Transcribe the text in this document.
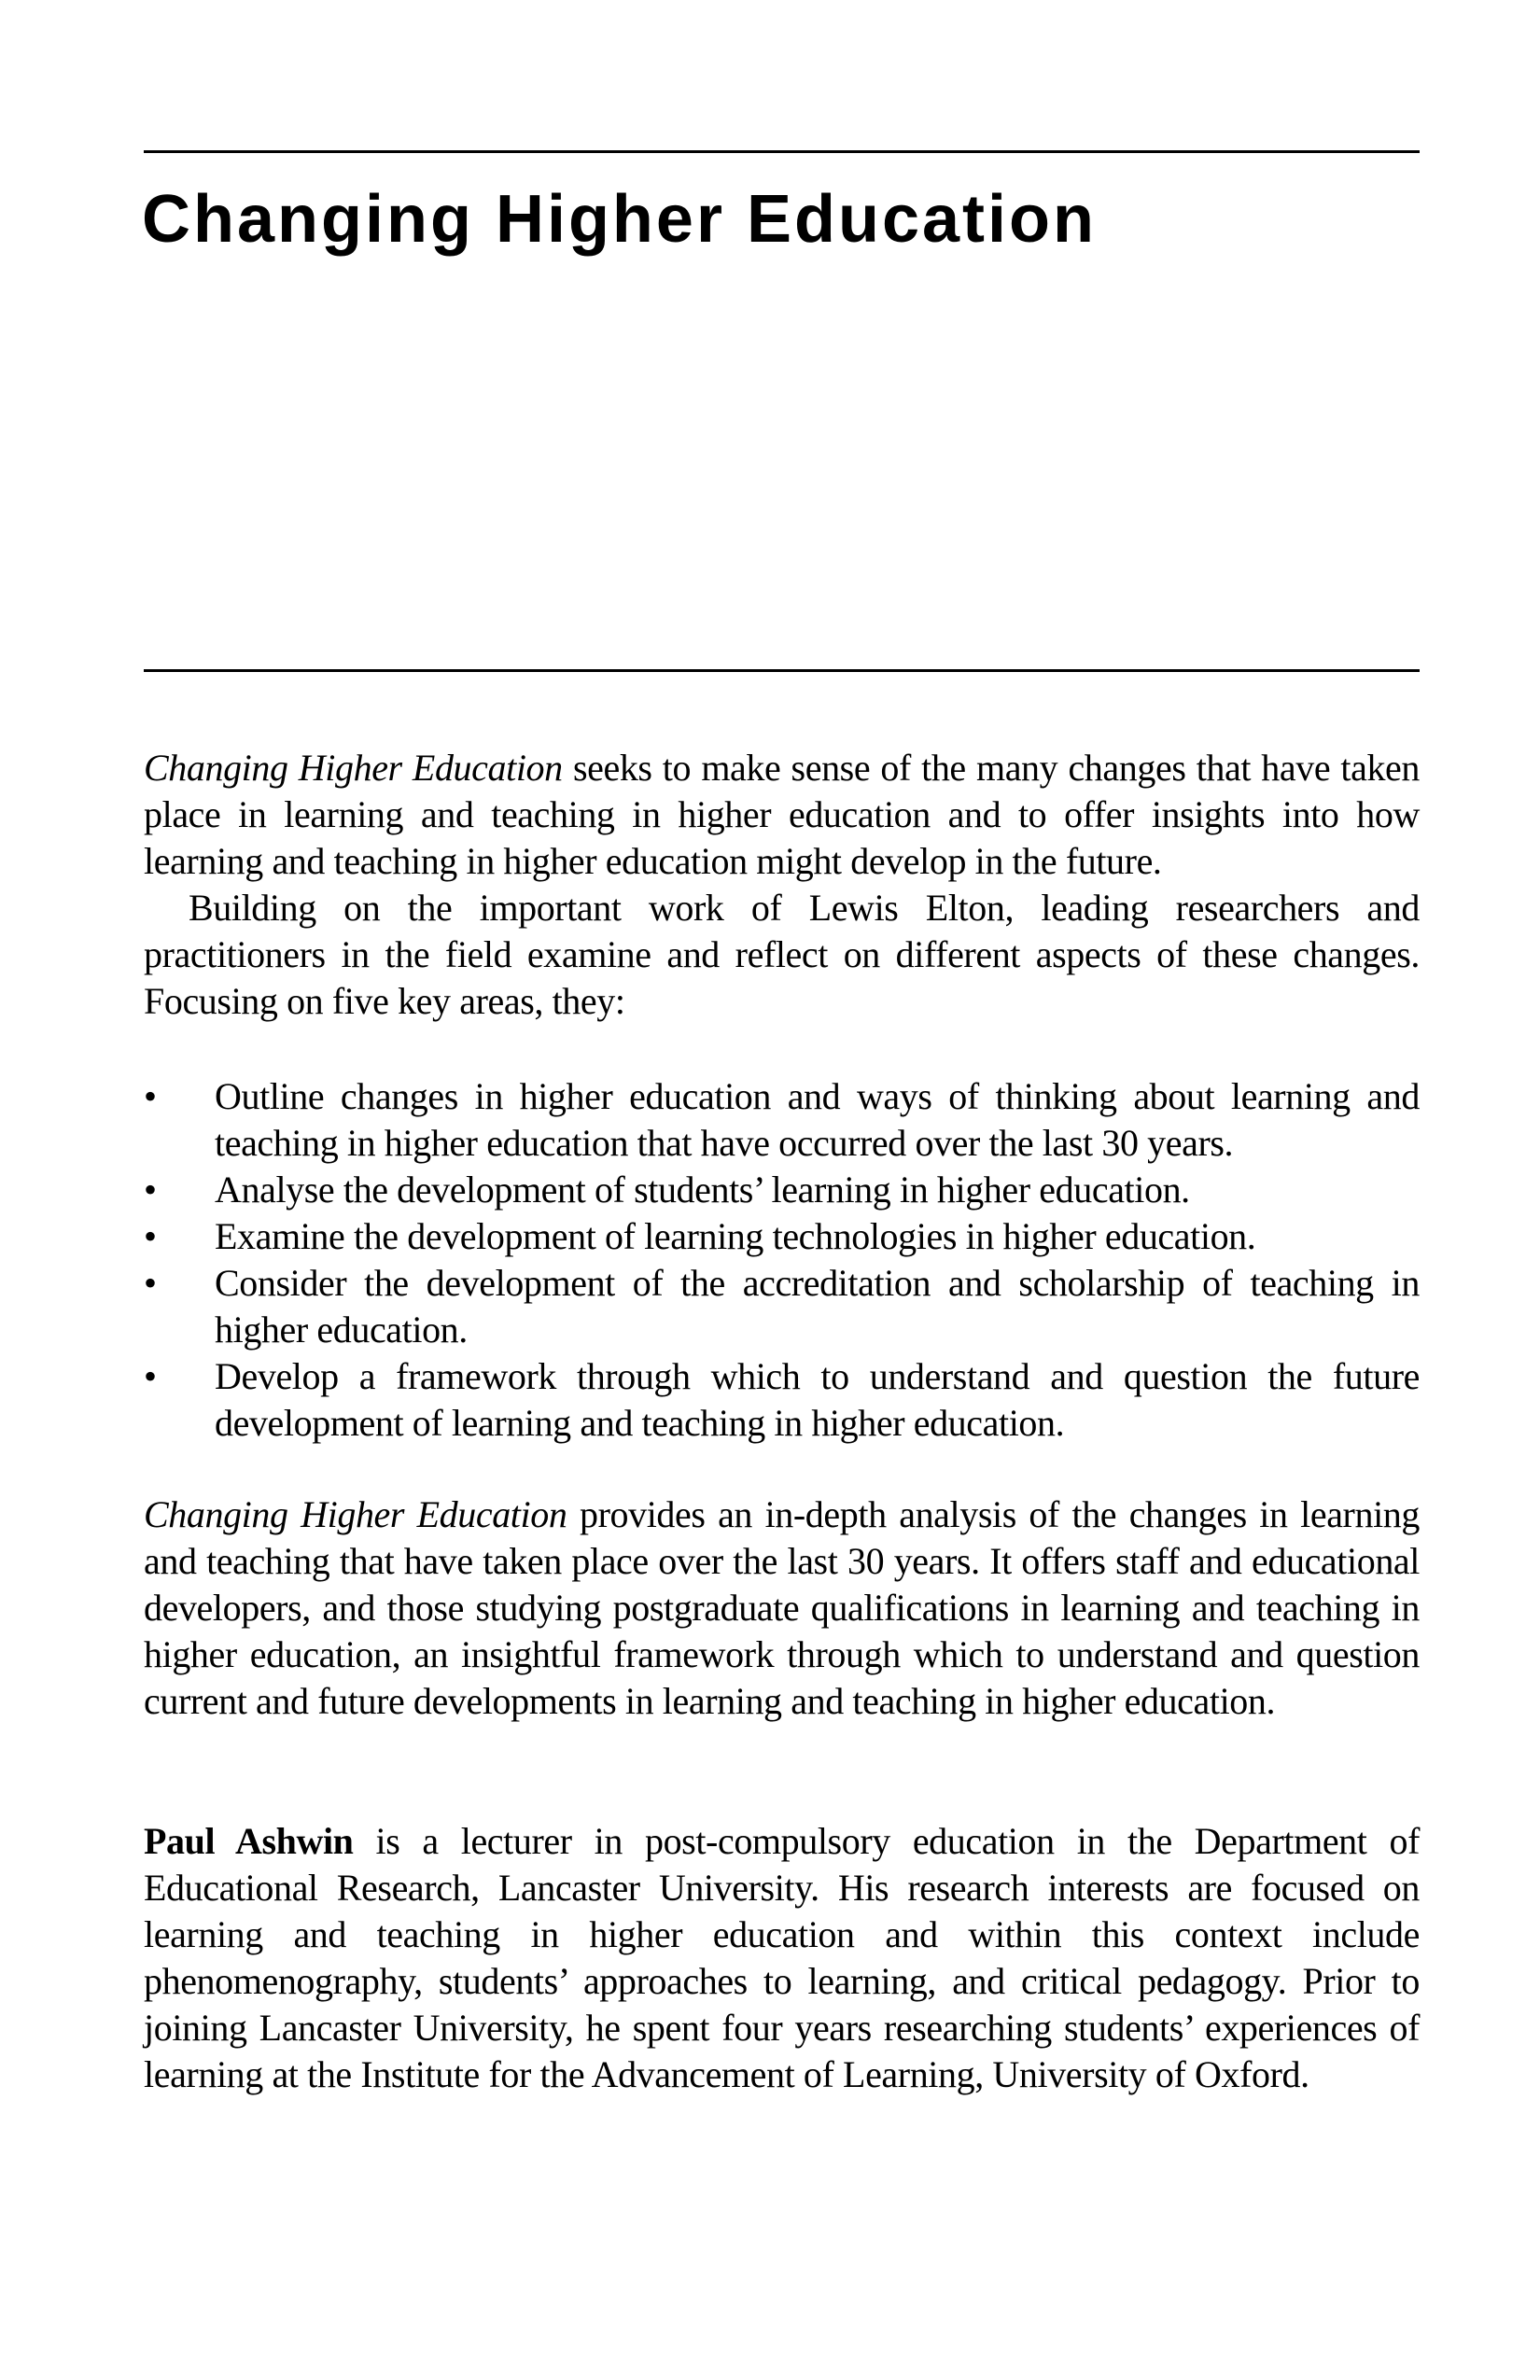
Changing Higher Education

Changing Higher Education seeks to make sense of the many changes that have taken place in learning and teaching in higher education and to offer insights into how learning and teaching in higher education might develop in the future.

Building on the important work of Lewis Elton, leading researchers and practitioners in the field examine and reflect on different aspects of these changes. Focusing on five key areas, they:

• Outline changes in higher education and ways of thinking about learning and teaching in higher education that have occurred over the last 30 years.
• Analyse the development of students’ learning in higher education.
• Examine the development of learning technologies in higher education.
• Consider the development of the accreditation and scholarship of teaching in higher education.
• Develop a framework through which to understand and question the future development of learning and teaching in higher education.

Changing Higher Education provides an in-depth analysis of the changes in learning and teaching that have taken place over the last 30 years. It offers staff and educational developers, and those studying postgraduate qualifications in learning and teaching in higher education, an insightful framework through which to understand and question current and future developments in learning and teaching in higher education.

Paul Ashwin is a lecturer in post-compulsory education in the Department of Educational Research, Lancaster University. His research interests are focused on learning and teaching in higher education and within this context include phenomenography, students’ approaches to learning, and critical pedagogy. Prior to joining Lancaster University, he spent four years researching students’ experiences of learning at the Institute for the Advancement of Learning, University of Oxford.
